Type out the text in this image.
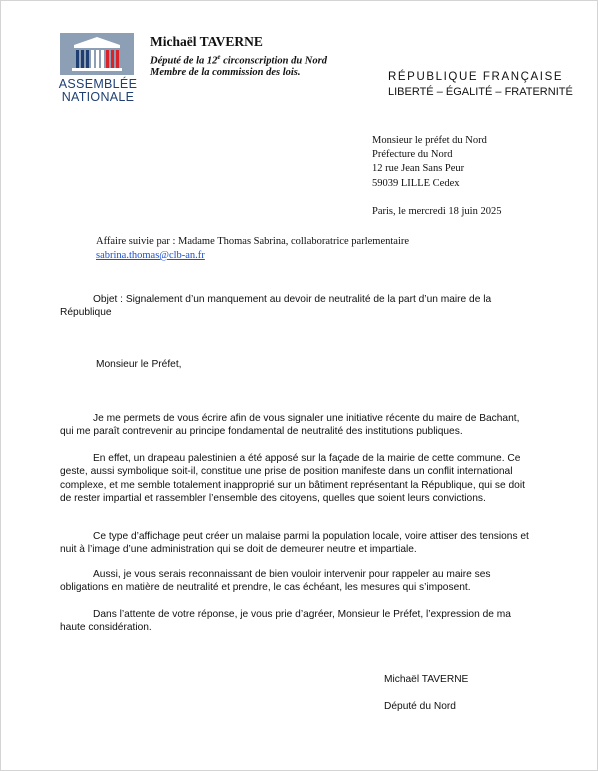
ASSEMBLÉE
NATIONALE
Michaël TAVERNE
Député de la 12e circonscription du Nord
Membre de la commission des lois.	RÉPUBLIQUE FRANÇAISE
LIBERTÉ – ÉGALITÉ – FRATERNITÉ
Monsieur le préfet du Nord
Préfecture du Nord
12 rue Jean Sans Peur
59039 LILLE Cedex
Paris, le mercredi 18 juin 2025
Affaire suivie par : Madame Thomas Sabrina, collaboratrice parlementaire
sabrina.thomas@clb-an.fr
Objet : Signalement d’un manquement au devoir de neutralité de la part d’un maire de la République
Monsieur le Préfet,
Je me permets de vous écrire afin de vous signaler une initiative récente du maire de Bachant, qui me paraît contrevenir au principe fondamental de neutralité des institutions publiques.
En effet, un drapeau palestinien a été apposé sur la façade de la mairie de cette commune. Ce geste, aussi symbolique soit-il, constitue une prise de position manifeste dans un conflit international complexe, et me semble totalement inapproprié sur un bâtiment représentant la République, qui se doit de rester impartial et rassembler l’ensemble des citoyens, quelles que soient leurs convictions.
Ce type d’affichage peut créer un malaise parmi la population locale, voire attiser des tensions et nuit à l’image d’une administration qui se doit de demeurer neutre et impartiale.
Aussi, je vous serais reconnaissant de bien vouloir intervenir pour rappeler au maire ses obligations en matière de neutralité et prendre, le cas échéant, les mesures qui s’imposent.
Dans l’attente de votre réponse, je vous prie d’agréer, Monsieur le Préfet, l’expression de ma haute considération.
Michaël TAVERNE
Député du Nord
